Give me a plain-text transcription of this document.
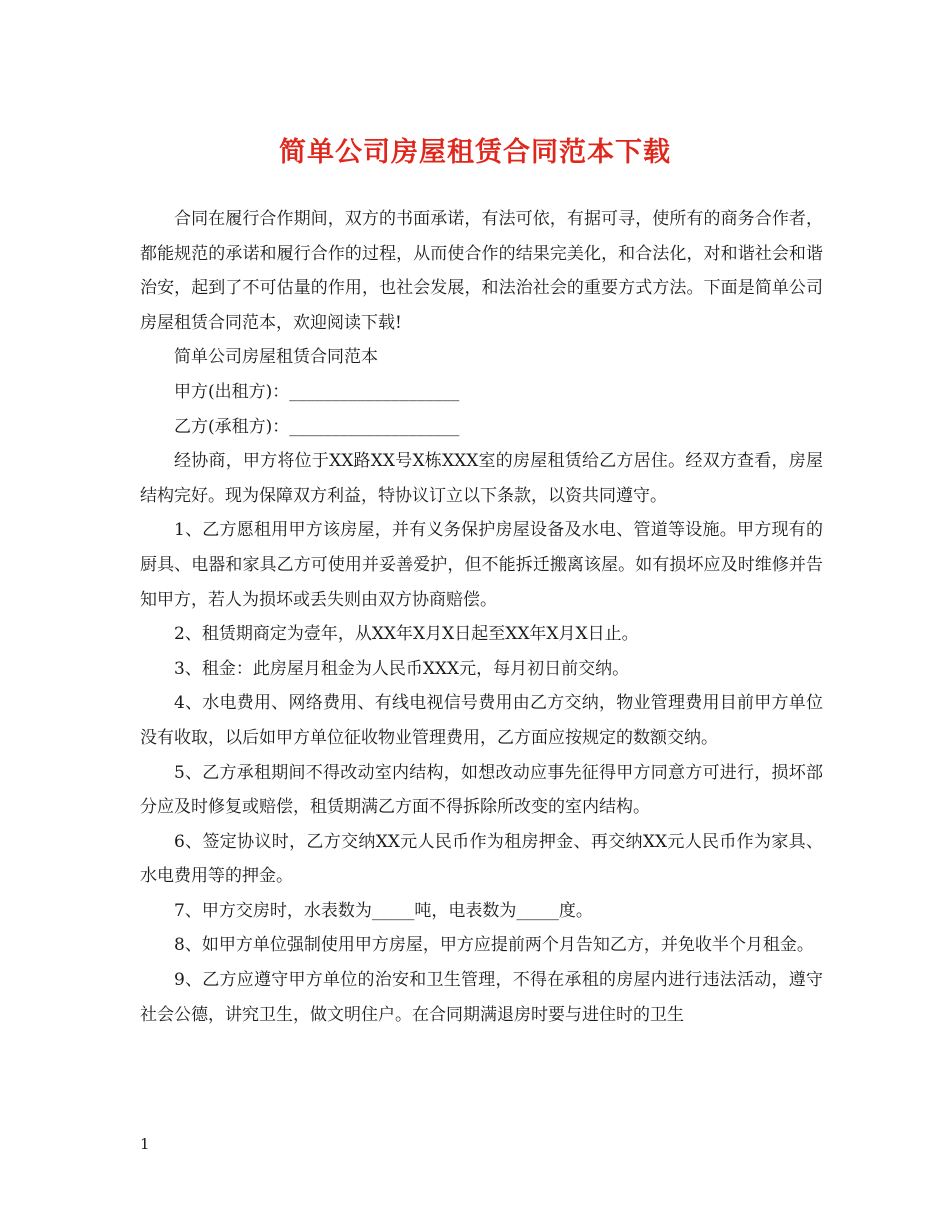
简单公司房屋租赁合同范本下载

合同在履行合作期间，双方的书面承诺，有法可依，有据可寻，使所有的商务合作者，都能规范的承诺和履行合作的过程，从而使合作的结果完美化，和合法化，对和谐社会和谐治安，起到了不可估量的作用，也社会发展，和法治社会的重要方式方法。下面是简单公司房屋租赁合同范本，欢迎阅读下载!

简单公司房屋租赁合同范本

甲方(出租方)：____________________

乙方(承租方)：____________________

经协商，甲方将位于XX路XX号X栋XXX室的房屋租赁给乙方居住。经双方查看，房屋结构完好。现为保障双方利益，特协议订立以下条款，以资共同遵守。

1、乙方愿租用甲方该房屋，并有义务保护房屋设备及水电、管道等设施。甲方现有的厨具、电器和家具乙方可使用并妥善爱护，但不能拆迁搬离该屋。如有损坏应及时维修并告知甲方，若人为损坏或丢失则由双方协商赔偿。

2、租赁期商定为壹年，从XX年X月X日起至XX年X月X日止。

3、租金：此房屋月租金为人民币XXX元，每月初日前交纳。

4、水电费用、网络费用、有线电视信号费用由乙方交纳，物业管理费用目前甲方单位没有收取，以后如甲方单位征收物业管理费用，乙方面应按规定的数额交纳。

5、乙方承租期间不得改动室内结构，如想改动应事先征得甲方同意方可进行，损坏部分应及时修复或赔偿，租赁期满乙方面不得拆除所改变的室内结构。

6、签定协议时，乙方交纳XX元人民币作为租房押金、再交纳XX元人民币作为家具、水电费用等的押金。

7、甲方交房时，水表数为_____吨，电表数为_____度。

8、如甲方单位强制使用甲方房屋，甲方应提前两个月告知乙方，并免收半个月租金。

9、乙方应遵守甲方单位的治安和卫生管理，不得在承租的房屋内进行违法活动，遵守社会公德，讲究卫生，做文明住户。在合同期满退房时要与进住时的卫生

1
